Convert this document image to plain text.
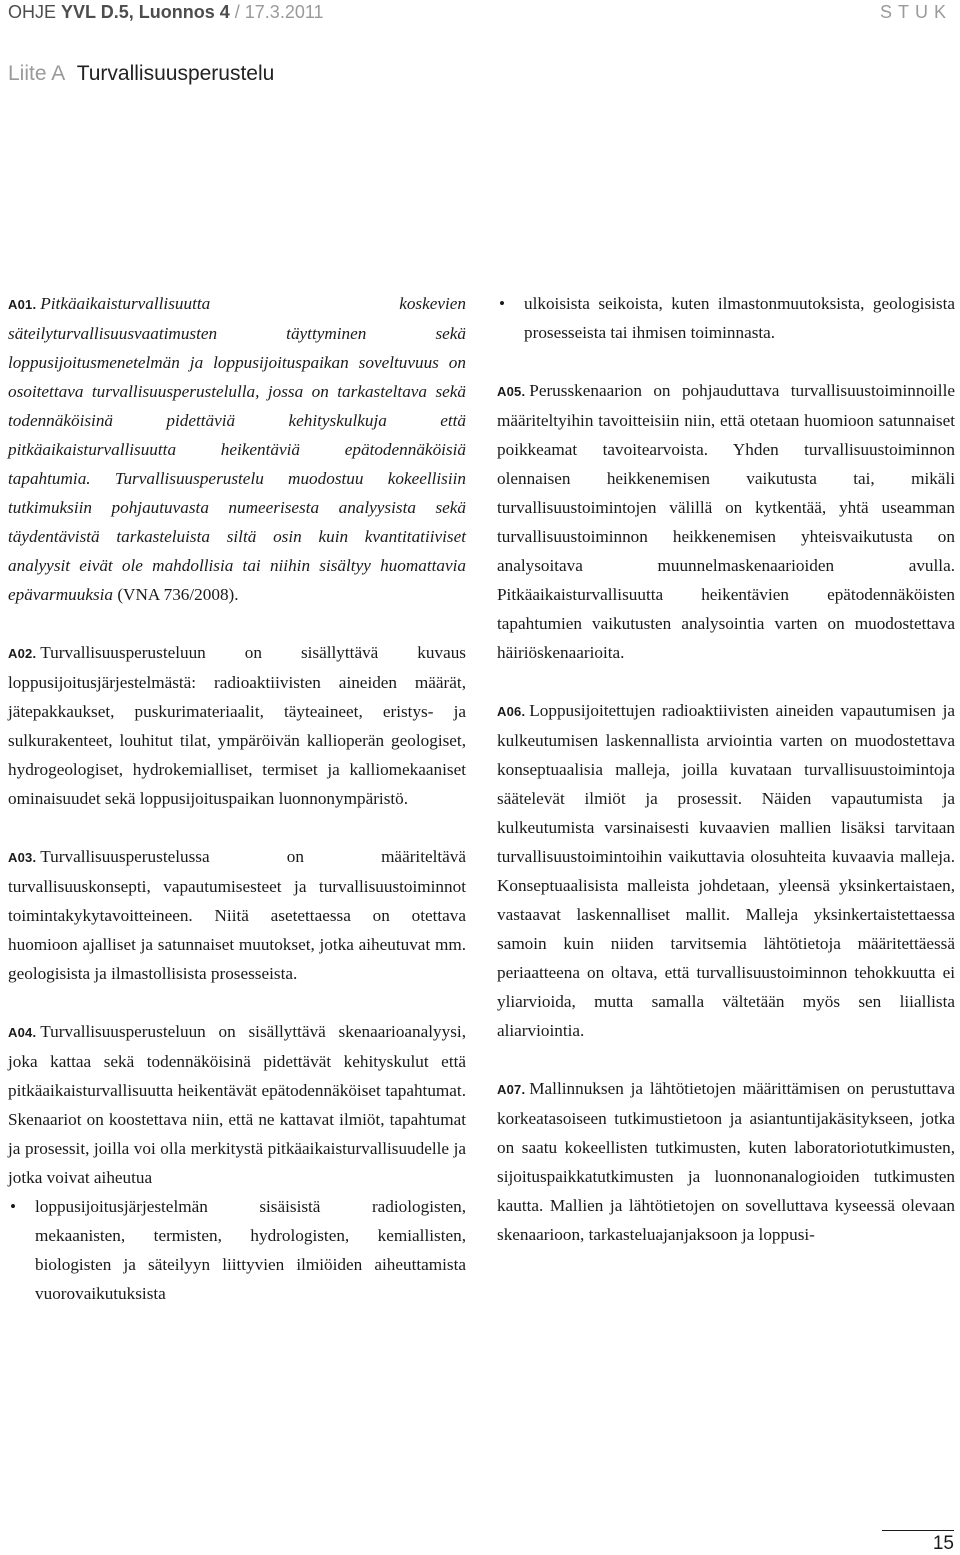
OHJE YVL D.5, Luonnos 4 / 17.3.2011	STUK
Liite A Turvallisuusperustelu

A01. Pitkäaikaisturvallisuutta koskevien säteilyturvallisuusvaatimusten täyttyminen sekä loppusijoitusmenetelmän ja loppusijoituspaikan soveltuvuus on osoitettava turvallisuusperustelulla, jossa on tarkasteltava sekä todennäköisinä pidettäviä kehityskulkuja että pitkäaikaisturvallisuutta heikentäviä epätodennäköisiä tapahtumia. Turvallisuusperustelu muodostuu kokeellisiin tutkimuksiin pohjautuvasta numeerisesta analyysista sekä täydentävistä tarkasteluista siltä osin kuin kvantitatiiviset analyysit eivät ole mahdollisia tai niihin sisältyy huomattavia epävarmuuksia (VNA 736/2008).

A02. Turvallisuusperusteluun on sisällyttävä kuvaus loppusijoitusjärjestelmästä: radioaktiivisten aineiden määrät, jätepakkaukset, puskurimateriaalit, täyteaineet, eristys- ja sulkurakenteet, louhitut tilat, ympäröivän kallioperän geologiset, hydrogeologiset, hydrokemialliset, termiset ja kalliomekaaniset ominaisuudet sekä loppusijoituspaikan luonnonympäristö.

A03. Turvallisuusperustelussa on määriteltävä turvallisuuskonsepti, vapautumisesteet ja turvallisuustoiminnot toimintakykytavoitteineen. Niitä asetettaessa on otettava huomioon ajalliset ja satunnaiset muutokset, jotka aiheutuvat mm. geologisista ja ilmastollisista prosesseista.

A04. Turvallisuusperusteluun on sisällyttävä skenaarioanalyysi, joka kattaa sekä todennäköisinä pidettävät kehityskulut että pitkäaikaisturvallisuutta heikentävät epätodennäköiset tapahtumat. Skenaariot on koostettava niin, että ne kattavat ilmiöt, tapahtumat ja prosessit, joilla voi olla merkitystä pitkäaikaisturvallisuudelle ja jotka voivat aiheutua

• loppusijoitusjärjestelmän sisäisistä radiologisten, mekaanisten, termisten, hydrologisten, kemiallisten, biologisten ja säteilyyn liittyvien ilmiöiden aiheuttamista vuorovaikutuksista
• ulkoisista seikoista, kuten ilmastonmuutoksista, geologisista prosesseista tai ihmisen toiminnasta.

A05. Perusskenaarion on pohjauduttava turvallisuustoiminnoille määriteltyihin tavoitteisiin niin, että otetaan huomioon satunnaiset poikkeamat tavoitearvoista. Yhden turvallisuustoiminnon olennaisen heikkenemisen vaikutusta tai, mikäli turvallisuustoimintojen välillä on kytkentää, yhtä useamman turvallisuustoiminnon heikkenemisen yhteisvaikutusta on analysoitava muunnelmaskenaarioiden avulla. Pitkäaikaisturvallisuutta heikentävien epätodennäköisten tapahtumien vaikutusten analysointia varten on muodostettava häiriöskenaarioita.

A06. Loppusijoitettujen radioaktiivisten aineiden vapautumisen ja kulkeutumisen laskennallista arviointia varten on muodostettava konseptuaalisia malleja, joilla kuvataan turvallisuustoimintoja säätelevät ilmiöt ja prosessit. Näiden vapautumista ja kulkeutumista varsinaisesti kuvaavien mallien lisäksi tarvitaan turvallisuustoimintoihin vaikuttavia olosuhteita kuvaavia malleja. Konseptuaalisista malleista johdetaan, yleensä yksinkertaistaen, vastaavat laskennalliset mallit. Malleja yksinkertaistettaessa samoin kuin niiden tarvitsemia lähtötietoja määritettäessä periaatteena on oltava, että turvallisuustoiminnon tehokkuutta ei yliarvioida, mutta samalla vältetään myös sen liiallista aliarviointia.

A07. Mallinnuksen ja lähtötietojen määrittämisen on perustuttava korkeatasoiseen tutkimustietoon ja asiantuntijakäsitykseen, jotka on saatu kokeellisten tutkimusten, kuten laboratoriotutkimusten, sijoituspaikkatutkimusten ja luonnonanalogioiden tutkimusten kautta. Mallien ja lähtötietojen on sovelluttava kyseessä olevaan skenaarioon, tarkasteluajanjaksoon ja loppusi-

15
